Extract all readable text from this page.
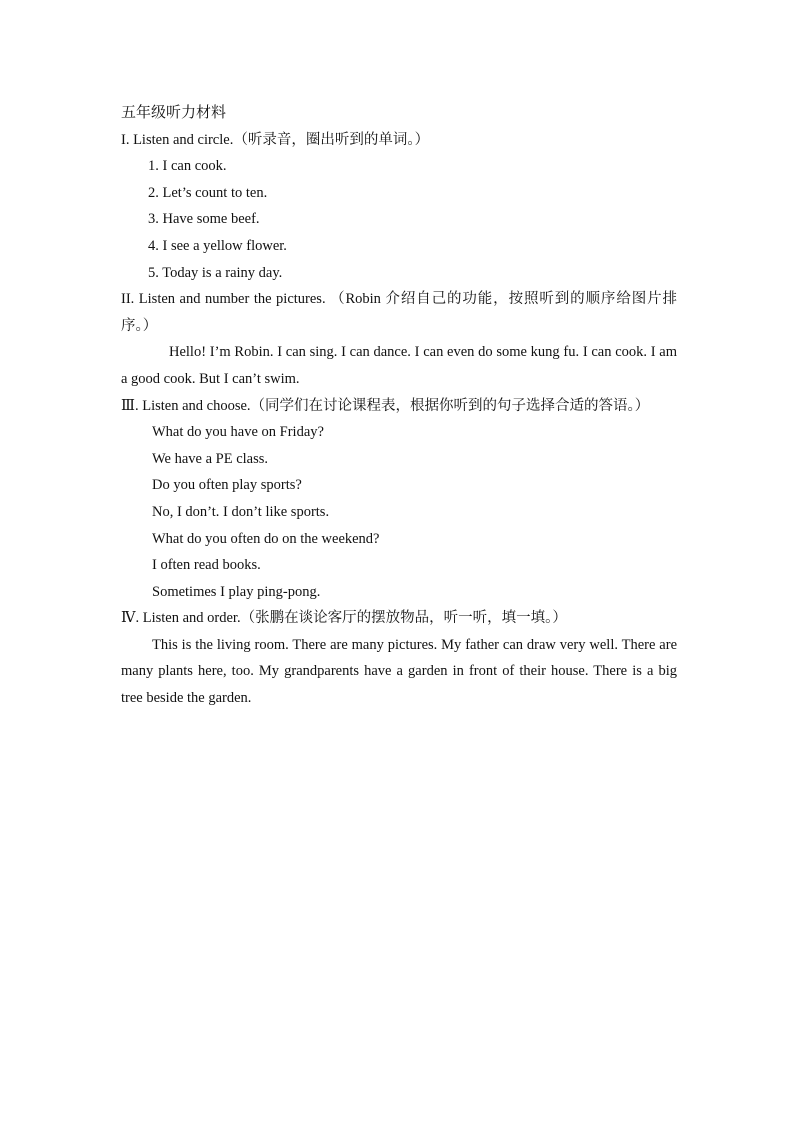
五年级听力材料

I. Listen and circle.（听录音，圈出听到的单词。）

1. I can cook.

2. Let’s count to ten.

3. Have some beef.

4. I see a yellow flower.

5. Today is a rainy day.

II. Listen and number the pictures. （Robin 介绍自己的功能，按照听到的顺序给图片排序。）

Hello! I’m Robin. I can sing. I can dance. I can even do some kung fu. I can cook. I am a good cook. But I can’t swim.

Ⅲ. Listen and choose.（同学们在讨论课程表，根据你听到的句子选择合适的答语。）

What do you have on Friday?

We have a PE class.

Do you often play sports?

No, I don’t. I don’t like sports.

What do you often do on the weekend?

I often read books.

Sometimes I play ping-pong.

Ⅳ. Listen and order.（张鹏在谈论客厅的摆放物品，听一听，填一填。）

This is the living room. There are many pictures. My father can draw very well. There are many plants here, too. My grandparents have a garden in front of their house. There is a big tree beside the garden.
